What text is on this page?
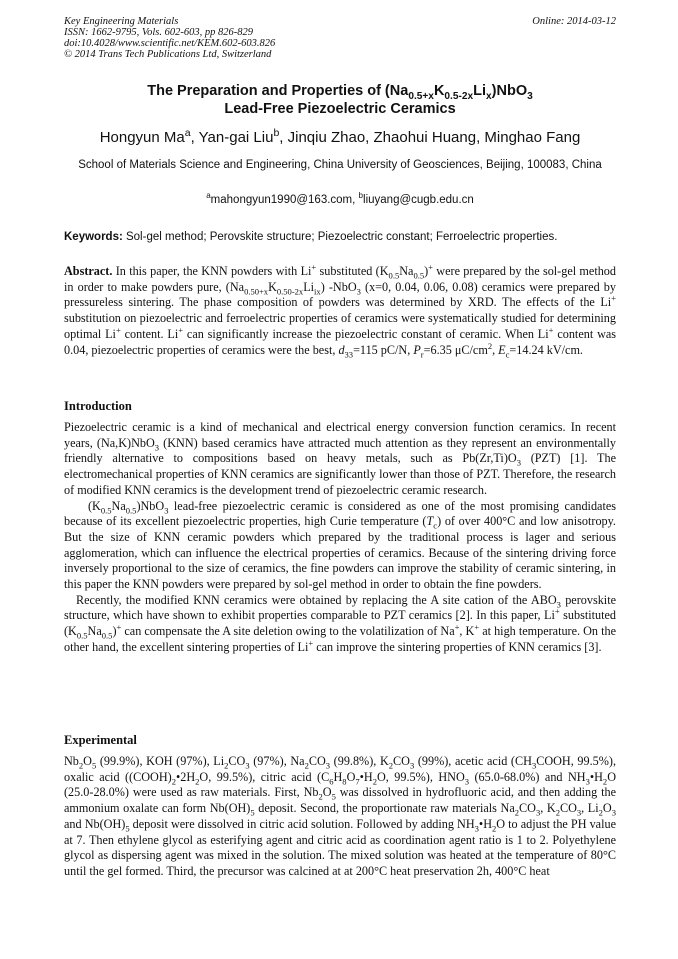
Key Engineering Materials
ISSN: 1662-9795, Vols. 602-603, pp 826-829
doi:10.4028/www.scientific.net/KEM.602-603.826
© 2014 Trans Tech Publications Ltd, Switzerland
Online: 2014-03-12
The Preparation and Properties of $(Na_{0.5+x}K_{0.5-2x}Li_x)NbO_3$
Lead-Free Piezoelectric Ceramics
Hongyun Ma$^a$, Yan-gai Liu$^b$, Jinqiu Zhao, Zhaohui Huang, Minghao Fang
School of Materials Science and Engineering, China University of Geosciences, Beijing, 100083, China
$^a$mahongyun1990@163.com, $^b$liuyang@cugb.edu.cn
Keywords: Sol-gel method; Perovskite structure; Piezoelectric constant; Ferroelectric properties.

Abstract. In this paper, the KNN powders with Li+ substituted $(K_{0.5}Na_{0.5})^+$ were prepared by the sol-gel method in order to make powders pure, $(Na_{0.50+x}K_{0.50-2x}Li_{ix})$ -NbO$_3$ (x=0, 0.04, 0.06, 0.08) ceramics were prepared by pressureless sintering. The phase composition of powders was determined by XRD. The effects of the Li+ substitution on piezoelectric and ferroelectric properties of ceramics were systematically studied for determining optimal Li+ content. Li+ can significantly increase the piezoelectric constant of ceramic. When Li+ content was 0.04, piezoelectric properties of ceramics were the best, $d_{33}=115$ pC/N, $P_r=6.35$ $\mu C/cm^2$, $E_c=14.24$ kV/cm.

Introduction

Piezoelectric ceramic is a kind of mechanical and electrical energy conversion function ceramics. In recent years, (Na,K)NbO$_3$ (KNN) based ceramics have attracted much attention as they represent an environmentally friendly alternative to compositions based on heavy metals, such as $Pb(Zr,Ti)O_3$ (PZT) [1]. The electromechanical properties of KNN ceramics are significantly lower than those of PZT. Therefore, the research of modified KNN ceramics is the development trend of piezoelectric ceramic research.

$(K_{0.5}Na_{0.5})NbO_3$ lead-free piezoelectric ceramic is considered as one of the most promising candidates because of its excellent piezoelectric properties, high Curie temperature $(T_c)$ of over 400°C and low anisotropy. But the size of KNN ceramic powders which prepared by the traditional process is lager and serious agglomeration, which can influence the electrical properties of ceramics. Because of the sintering driving force inversely proportional to the size of ceramics, the fine powders can improve the stability of ceramic sintering, in this paper the KNN powders were prepared by sol-gel method in order to obtain the fine powders.

Recently, the modified KNN ceramics were obtained by replacing the A site cation of the $ABO_3$ perovskite structure, which have shown to exhibit properties comparable to PZT ceramics [2]. In this paper, Li+ substituted $(K_{0.5}Na_{0.5})^+$ can compensate the A site deletion owing to the volatilization of Na+, K+ at high temperature. On the other hand, the excellent sintering properties of Li+ can improve the sintering properties of KNN ceramics [3].

Experimental

$Nb_2O_5$ (99.9%), KOH (97%), $Li_2CO_3$ (97%), $Na_2CO_3$ (99.8%), $K_2CO_3$ (99%), acetic acid ($CH_3COOH$, 99.5%), oxalic acid ($(COOH)_2•2H_2O$, 99.5%), citric acid ($C_6H_8O_7•H_2O$, 99.5%), $HNO_3$ (65.0-68.0%) and $NH_3•H_2O$ (25.0-28.0%) were used as raw materials. First, $Nb_2O_5$ was dissolved in hydrofluoric acid, and then adding the ammonium oxalate can form $Nb(OH)_5$ deposit. Second, the proportionate raw materials $Na_2CO_3$, $K_2CO_3$, $Li_2O_3$ and $Nb(OH)_5$ deposit were dissolved in citric acid solution. Followed by adding $NH_3•H_2O$ to adjust the PH value at 7. Then ethylene glycol as esterifying agent and citric acid as coordination agent ratio is 1 to 2. Polyethylene glycol as dispersing agent was mixed in the solution. The mixed solution was heated at the temperature of 80°C until the gel formed. Third, the precursor was calcined at at 200°C heat preservation 2h, 400°C heat
